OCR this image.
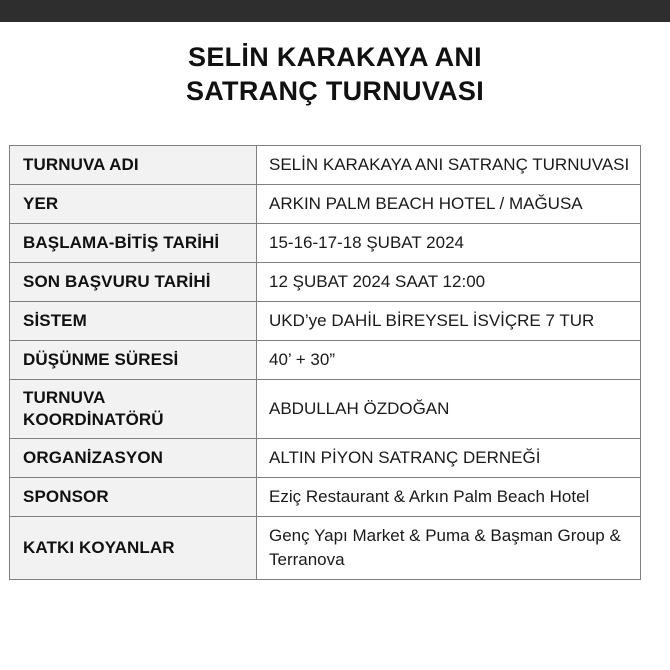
SELİN KARAKAYA ANI
SATRANÇ TURNUVASI
TURNUVA ADI	SELİN KARAKAYA ANI SATRANÇ TURNUVASI
YER	ARKIN PALM BEACH HOTEL / MAĞUSA
BAŞLAMA-BİTİŞ TARİHİ	15-16-17-18 ŞUBAT 2024
SON BAŞVURU TARİHİ	12 ŞUBAT 2024 SAAT 12:00
SİSTEM	UKD’ye DAHİL BİREYSEL İSVİÇRE 7 TUR
DÜŞÜNME SÜRESİ	40’ + 30”
TURNUVA KOORDİNATÖRÜ	ABDULLAH ÖZDOĞAN
ORGANİZASYON	ALTIN PİYON SATRANÇ DERNEĞİ
SPONSOR	Eziç Restaurant & Arkın Palm Beach Hotel
KATKI KOYANLAR	Genç Yapı Market & Puma & Başman Group & Terranova
